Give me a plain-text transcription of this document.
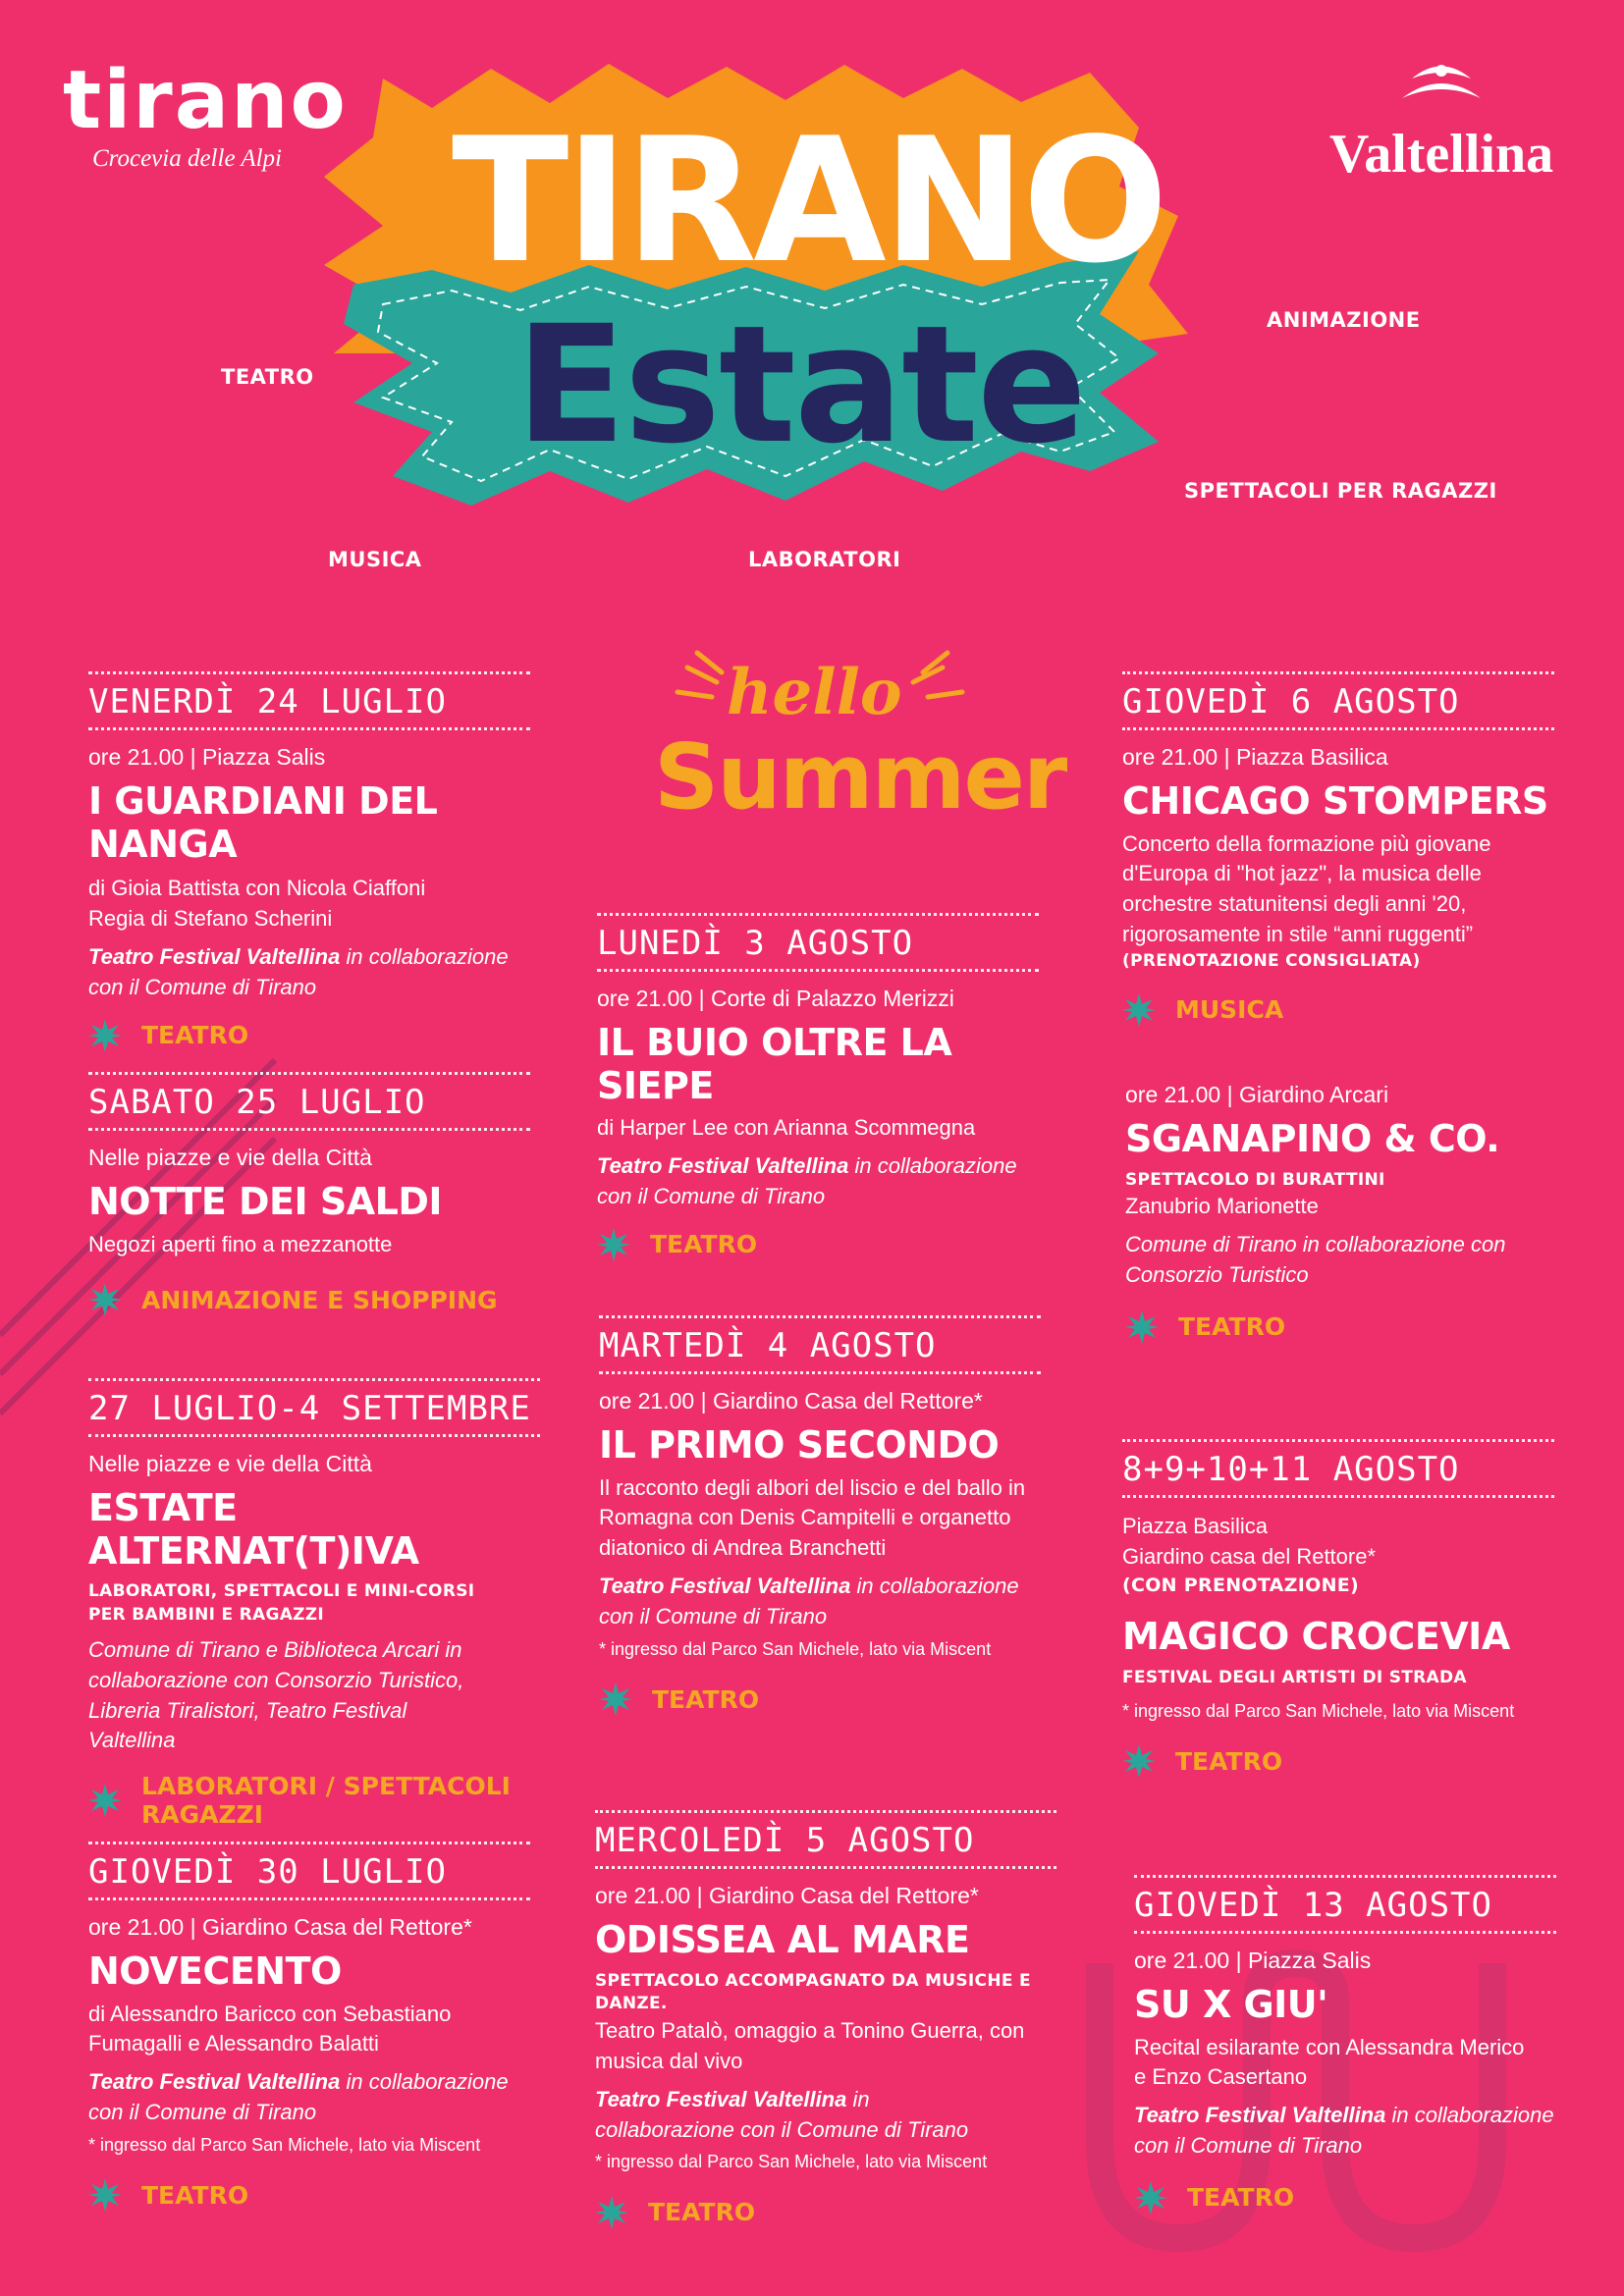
tirano
Crocevia delle Alpi	Valtellina
TIRANO
Estate
TEATRO
ANIMAZIONE
SPETTACOLI PER RAGAZZI
MUSICA	LABORATORI
hello
Summer
VENERDÌ 24 LUGLIO
ore 21.00 | Piazza Salis
I GUARDIANI DEL NANGA
di Gioia Battista con Nicola Ciaffoni
Regia di Stefano Scherini
Teatro Festival Valtellina in collaborazione con il Comune di Tirano
TEATRO
SABATO 25 LUGLIO
Nelle piazze e vie della Città
NOTTE DEI SALDI
Negozi aperti fino a mezzanotte
ANIMAZIONE E SHOPPING
27 LUGLIO-4 SETTEMBRE
Nelle piazze e vie della Città
ESTATE ALTERNAT(T)IVA
LABORATORI, SPETTACOLI E MINI-CORSI
PER BAMBINI E RAGAZZI
Comune di Tirano e Biblioteca Arcari in collaborazione con Consorzio Turistico, Libreria Tiralistori, Teatro Festival Valtellina
LABORATORI / SPETTACOLI RAGAZZI
GIOVEDÌ 30 LUGLIO
ore 21.00 | Giardino Casa del Rettore*
NOVECENTO
di Alessandro Baricco con Sebastiano Fumagalli e Alessandro Balatti
Teatro Festival Valtellina in collaborazione con il Comune di Tirano
* ingresso dal Parco San Michele, lato via Miscent
TEATRO
LUNEDÌ 3 AGOSTO
ore 21.00 | Corte di Palazzo Merizzi
IL BUIO OLTRE LA SIEPE
di Harper Lee con Arianna Scommegna
Teatro Festival Valtellina in collaborazione con il Comune di Tirano
TEATRO
MARTEDÌ 4 AGOSTO
ore 21.00 | Giardino Casa del Rettore*
IL PRIMO SECONDO
Il racconto degli albori del liscio e del ballo in Romagna con Denis Campitelli e organetto diatonico di Andrea Branchetti
Teatro Festival Valtellina in collaborazione con il Comune di Tirano
* ingresso dal Parco San Michele, lato via Miscent
TEATRO
MERCOLEDÌ 5 AGOSTO
ore 21.00 | Giardino Casa del Rettore*
ODISSEA AL MARE
SPETTACOLO ACCOMPAGNATO DA MUSICHE E DANZE.
Teatro Patalò, omaggio a Tonino Guerra, con musica dal vivo
Teatro Festival Valtellina in collaborazione con il Comune di Tirano
* ingresso dal Parco San Michele, lato via Miscent
TEATRO
GIOVEDÌ 6 AGOSTO
ore 21.00 | Piazza Basilica
CHICAGO STOMPERS
Concerto della formazione più giovane d'Europa di "hot jazz", la musica delle orchestre statunitensi degli anni '20, rigorosamente in stile “anni ruggenti”
(PRENOTAZIONE CONSIGLIATA)
MUSICA
ore 21.00 | Giardino Arcari
SGANAPINO & CO.
SPETTACOLO DI BURATTINI
Zanubrio Marionette
Comune di Tirano in collaborazione con Consorzio Turistico
TEATRO
8+9+10+11 AGOSTO
Piazza Basilica
Giardino casa del Rettore*
(CON PRENOTAZIONE)
MAGICO CROCEVIA
FESTIVAL DEGLI ARTISTI DI STRADA
* ingresso dal Parco San Michele, lato via Miscent
TEATRO
GIOVEDÌ 13 AGOSTO
ore 21.00 | Piazza Salis
SU X GIU'
Recital esilarante con Alessandra Merico e Enzo Casertano
Teatro Festival Valtellina in collaborazione con il Comune di Tirano
TEATRO
